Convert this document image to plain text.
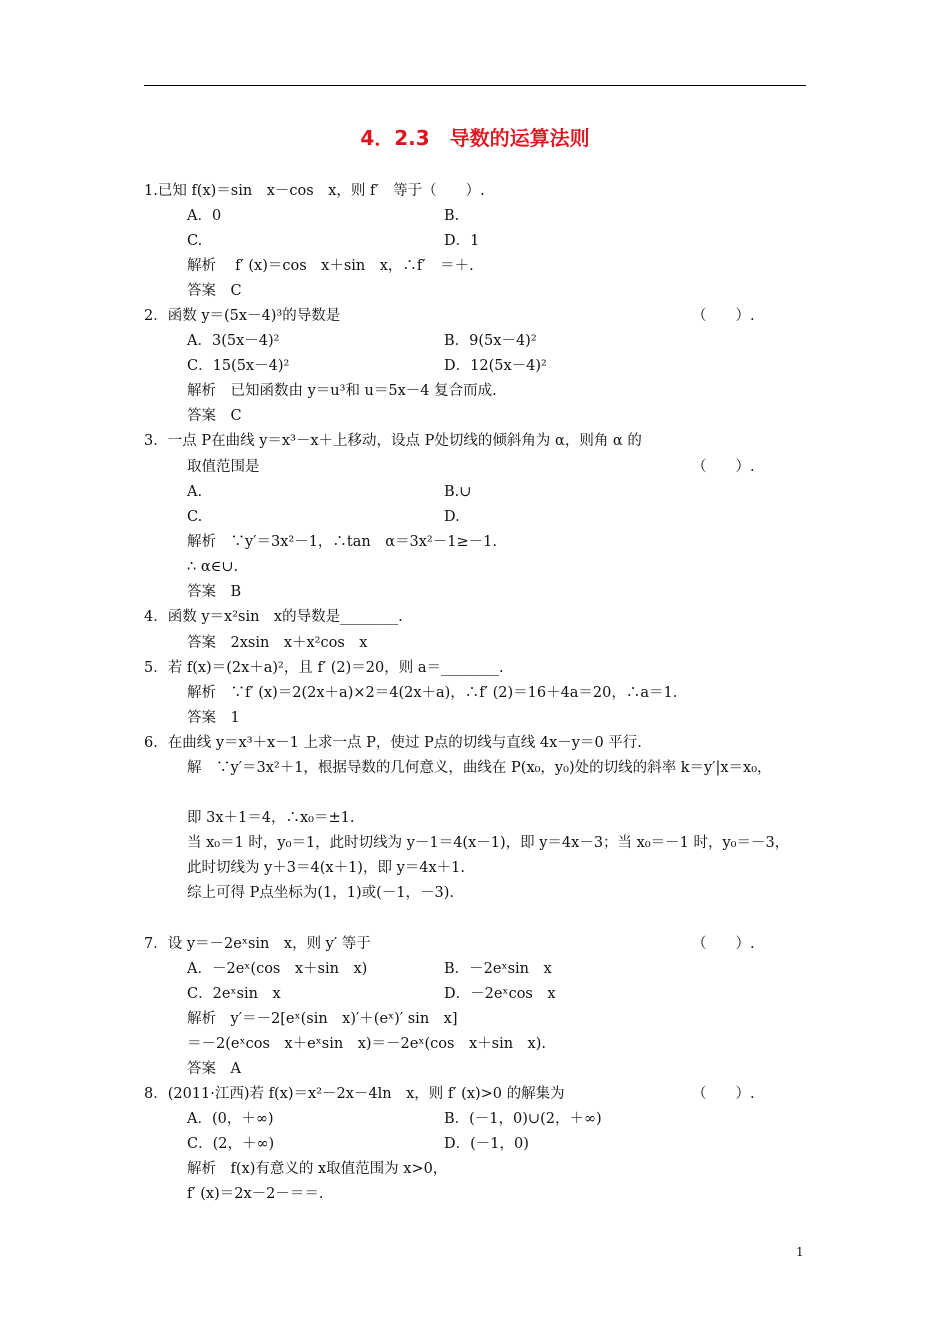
4．2.3　导数的运算法则
1.已知 f(x)＝sin　x－cos　x，则 f′　等于（　　）.
A．0	B.
C.	D．1
解析　 f′ (x)＝cos　x＋sin　x，∴f′　＝＋.
答案　C
2．函数 y＝(5x－4)³的导数是
A．3(5x－4)²	B．9(5x－4)²
C．15(5x－4)²	D．12(5x－4)²
解析　已知函数由 y＝u³和 u＝5x－4 复合而成.
答案　C
3．一点 P在曲线 y＝x³－x＋上移动，设点 P处切线的倾斜角为 α，则角 α 的
取值范围是
A.	B.∪
C.	D.
解析　∵y′＝3x²－1，∴tan　α＝3x²－1≥－1.
∴ α∈∪.
答案　B
4．函数 y＝x²sin　x的导数是________.
答案　2xsin　x＋x²cos　x
5．若 f(x)＝(2x＋a)²，且 f′ (2)＝20，则 a＝________.
解析　∵f′ (x)＝2(2x＋a)×2＝4(2x＋a)，∴f′ (2)＝16＋4a＝20，∴a＝1.
答案　1
6．在曲线 y＝x³＋x－1 上求一点 P，使过 P点的切线与直线 4x－y＝0 平行.
解　∵y′＝3x²＋1，根据导数的几何意义，曲线在 P(x₀，y₀)处的切线的斜率 k＝y′|x＝x₀，
即 3x＋1＝4，∴x₀＝±1.
当 x₀＝1 时，y₀＝1，此时切线为 y－1＝4(x－1)，即 y＝4x－3；当 x₀＝－1 时，y₀＝－3，
此时切线为 y＋3＝4(x＋1)，即 y＝4x＋1.
综上可得 P点坐标为(1，1)或(－1，－3).
7．设 y＝－2eˣsin　x，则 y′ 等于
A．－2eˣ(cos　x＋sin　x)	B．－2eˣsin　x
C．2eˣsin　x	D．－2eˣcos　x
解析　y′＝－2[eˣ(sin　x)′＋(eˣ)′ sin　x]
＝－2(eˣcos　x＋eˣsin　x)＝－2eˣ(cos　x＋sin　x).
答案　A
8．(2011·江西)若 f(x)＝x²－2x－4ln　x，则 f′ (x)>0 的解集为
A．(0，＋∞)	B．(－1，0)∪(2，＋∞)
C．(2，＋∞)	D．(－1，0)
解析　f(x)有意义的 x取值范围为 x>0，
f′ (x)＝2x－2－＝＝.
（　　）.
（　　）.
（　　）.
（　　）.
1
